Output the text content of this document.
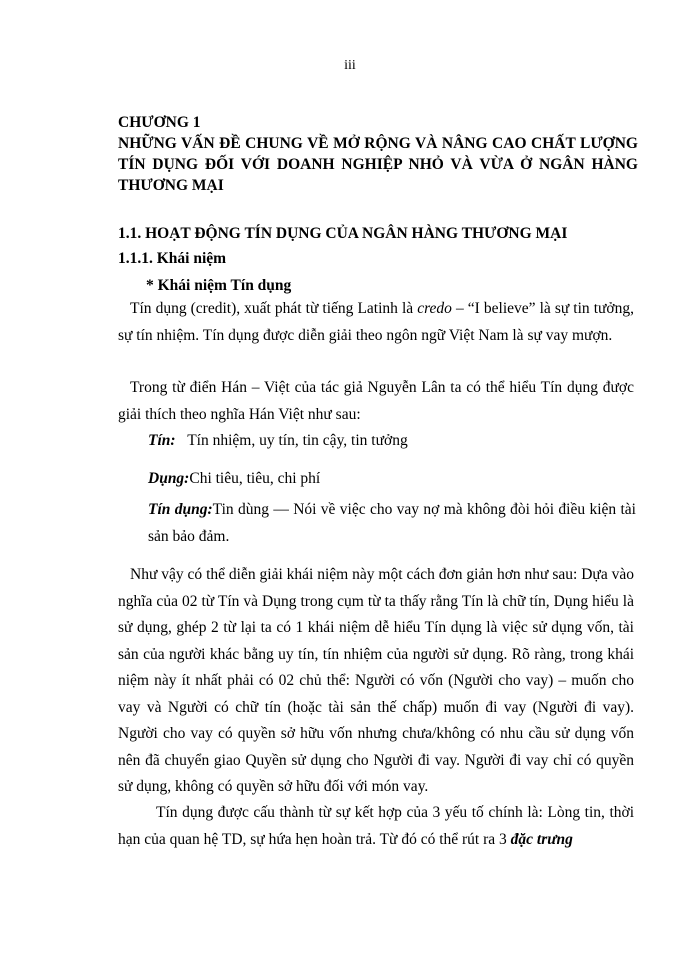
iii

CHƯƠNG 1

NHỮNG VẤN ĐỀ CHUNG VỀ MỞ RỘNG VÀ NÂNG CAO CHẤT LƯỢNG TÍN DỤNG ĐỐI VỚI DOANH NGHIỆP NHỎ VÀ VỪA Ở NGÂN HÀNG THƯƠNG MẠI

1.1. HOẠT ĐỘNG TÍN DỤNG CỦA NGÂN HÀNG THƯƠNG MẠI

1.1.1. Khái niệm

* Khái niệm Tín dụng

Tín dụng (credit), xuất phát từ tiếng Latinh là credo – “I believe” là sự tin tưởng, sự tín nhiệm. Tín dụng được diễn giải theo ngôn ngữ Việt Nam là sự vay mượn.

Trong từ điển Hán – Việt của tác giả Nguyễn Lân ta có thể hiểu Tín dụng được giải thích theo nghĩa Hán Việt như sau:

Tín: Tín nhiệm, uy tín, tin cậy, tin tưởng

Dụng:Chi tiêu, tiêu, chi phí

Tín dụng:Tin dùng — Nói về việc cho vay nợ mà không đòi hỏi điều kiện tài sản bảo đảm.

Như vậy có thể diễn giải khái niệm này một cách đơn giản hơn như sau: Dựa vào nghĩa của 02 từ Tín và Dụng trong cụm từ ta thấy rằng Tín là chữ tín, Dụng hiểu là sử dụng, ghép 2 từ lại ta có 1 khái niệm dễ hiểu Tín dụng là việc sử dụng vốn, tài sản của người khác bằng uy tín, tín nhiệm của người sử dụng. Rõ ràng, trong khái niệm này ít nhất phải có 02 chủ thể: Người có vốn (Người cho vay) – muốn cho vay và Người có chữ tín (hoặc tài sản thế chấp) muốn đi vay (Người đi vay). Người cho vay có quyền sở hữu vốn nhưng chưa/không có nhu cầu sử dụng vốn nên đã chuyển giao Quyền sử dụng cho Người đi vay. Người đi vay chỉ có quyền sử dụng, không có quyền sở hữu đối với món vay.

Tín dụng được cấu thành từ sự kết hợp của 3 yếu tố chính là: Lòng tin, thời hạn của quan hệ TD, sự hứa hẹn hoàn trả. Từ đó có thể rút ra 3 đặc trưng
